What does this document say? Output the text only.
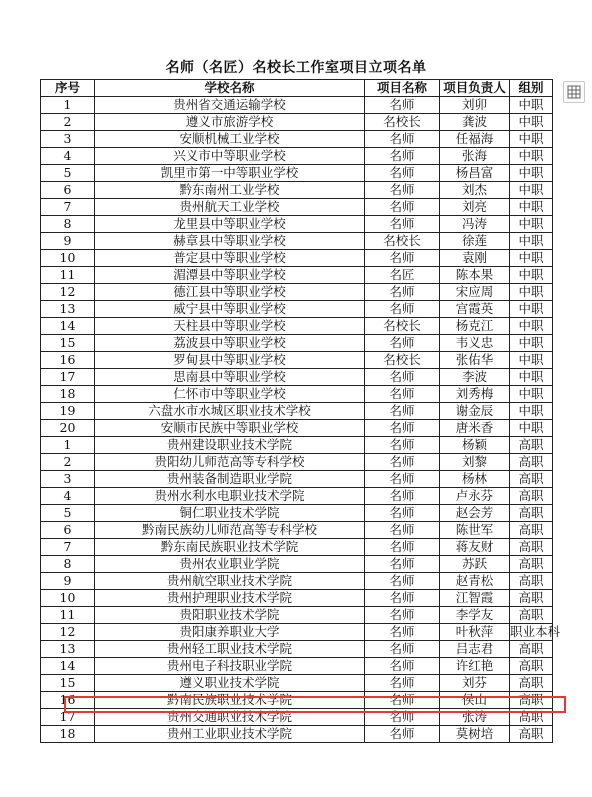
名师（名匠）名校长工作室项目立项名单
序号	学校名称	项目名称	项目负责人	组别
1	贵州省交通运输学校	名师	刘卯	中职
2	遵义市旅游学校	名校长	龚波	中职
3	安顺机械工业学校	名师	任福海	中职
4	兴义市中等职业学校	名师	张海	中职
5	凯里市第一中等职业学校	名师	杨昌富	中职
6	黔东南州工业学校	名师	刘杰	中职
7	贵州航天工业学校	名师	刘亮	中职
8	龙里县中等职业学校	名师	冯涛	中职
9	赫章县中等职业学校	名校长	徐莲	中职
10	普定县中等职业学校	名师	袁刚	中职
11	湄潭县中等职业学校	名匠	陈本果	中职
12	德江县中等职业学校	名师	宋应周	中职
13	威宁县中等职业学校	名师	宫霞英	中职
14	天柱县中等职业学校	名校长	杨克江	中职
15	荔波县中等职业学校	名师	韦义忠	中职
16	罗甸县中等职业学校	名校长	张佑华	中职
17	思南县中等职业学校	名师	李波	中职
18	仁怀市中等职业学校	名师	刘秀梅	中职
19	六盘水市水城区职业技术学校	名师	谢金辰	中职
20	安顺市民族中等职业学校	名师	唐米香	中职
1	贵州建设职业技术学院	名师	杨颖	高职
2	贵阳幼儿师范高等专科学校	名师	刘黎	高职
3	贵州装备制造职业学院	名师	杨林	高职
4	贵州水利水电职业技术学院	名师	卢永芬	高职
5	铜仁职业技术学院	名师	赵会芳	高职
6	黔南民族幼儿师范高等专科学校	名师	陈世军	高职
7	黔东南民族职业技术学院	名师	蒋友财	高职
8	贵州农业职业学院	名师	苏跃	高职
9	贵州航空职业技术学院	名师	赵青松	高职
10	贵州护理职业技术学院	名师	江智霞	高职
11	贵阳职业技术学院	名师	李学友	高职
12	贵阳康养职业大学	名师	叶秋萍	职业本科
13	贵州轻工职业技术学院	名师	吕志君	高职
14	贵州电子科技职业学院	名师	许红艳	高职
15	遵义职业技术学院	名师	刘芬	高职
16	黔南民族职业技术学院	名师	侯山	高职
17	贵州交通职业技术学院	名师	张涛	高职
18	贵州工业职业技术学院	名师	莫树培	高职
